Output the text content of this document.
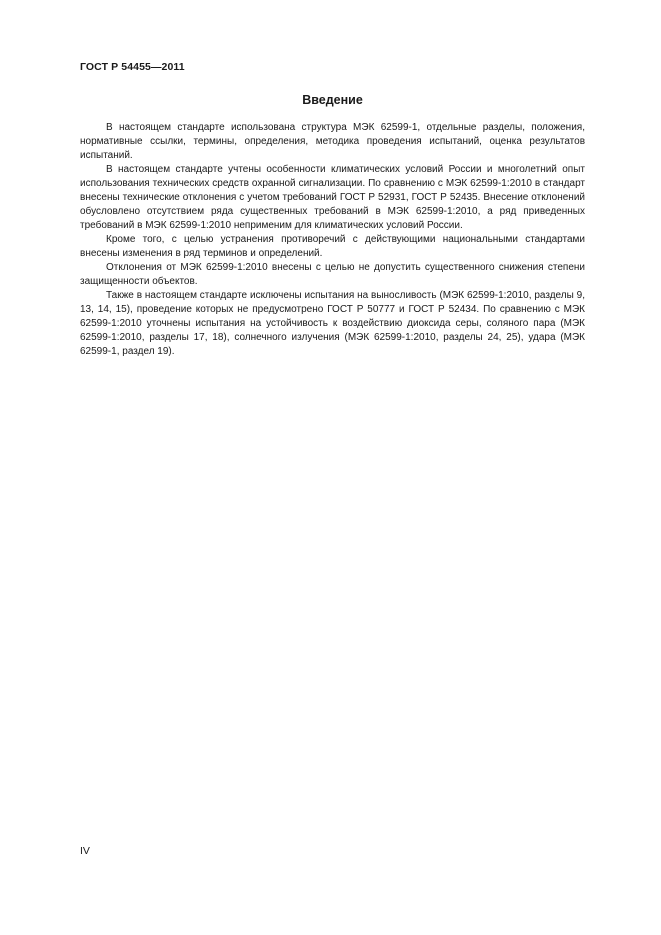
ГОСТ Р 54455—2011
Введение

В настоящем стандарте использована структура МЭК 62599-1, отдельные разделы, положения, нормативные ссылки, термины, определения, методика проведения испытаний, оценка результатов испытаний.

В настоящем стандарте учтены особенности климатических условий России и многолетний опыт использования технических средств охранной сигнализации. По сравнению с МЭК 62599-1:2010 в стандарт внесены технические отклонения с учетом требований ГОСТ Р 52931, ГОСТ Р 52435. Внесение отклонений обусловлено отсутствием ряда существенных требований в МЭК 62599-1:2010, а ряд приведенных требований в МЭК 62599-1:2010 неприменим для климатических условий России.

Кроме того, с целью устранения противоречий с действующими национальными стандартами внесены изменения в ряд терминов и определений.

Отклонения от МЭК 62599-1:2010 внесены с целью не допустить существенного снижения степени защищенности объектов.

Также в настоящем стандарте исключены испытания на выносливость (МЭК 62599-1:2010, разделы 9, 13, 14, 15), проведение которых не предусмотрено ГОСТ Р 50777 и ГОСТ Р 52434. По сравнению с МЭК 62599-1:2010 уточнены испытания на устойчивость к воздействию диоксида серы, соляного пара (МЭК 62599-1:2010, разделы 17, 18), солнечного излучения (МЭК 62599-1:2010, разделы 24, 25), удара (МЭК 62599-1, раздел 19).

IV
